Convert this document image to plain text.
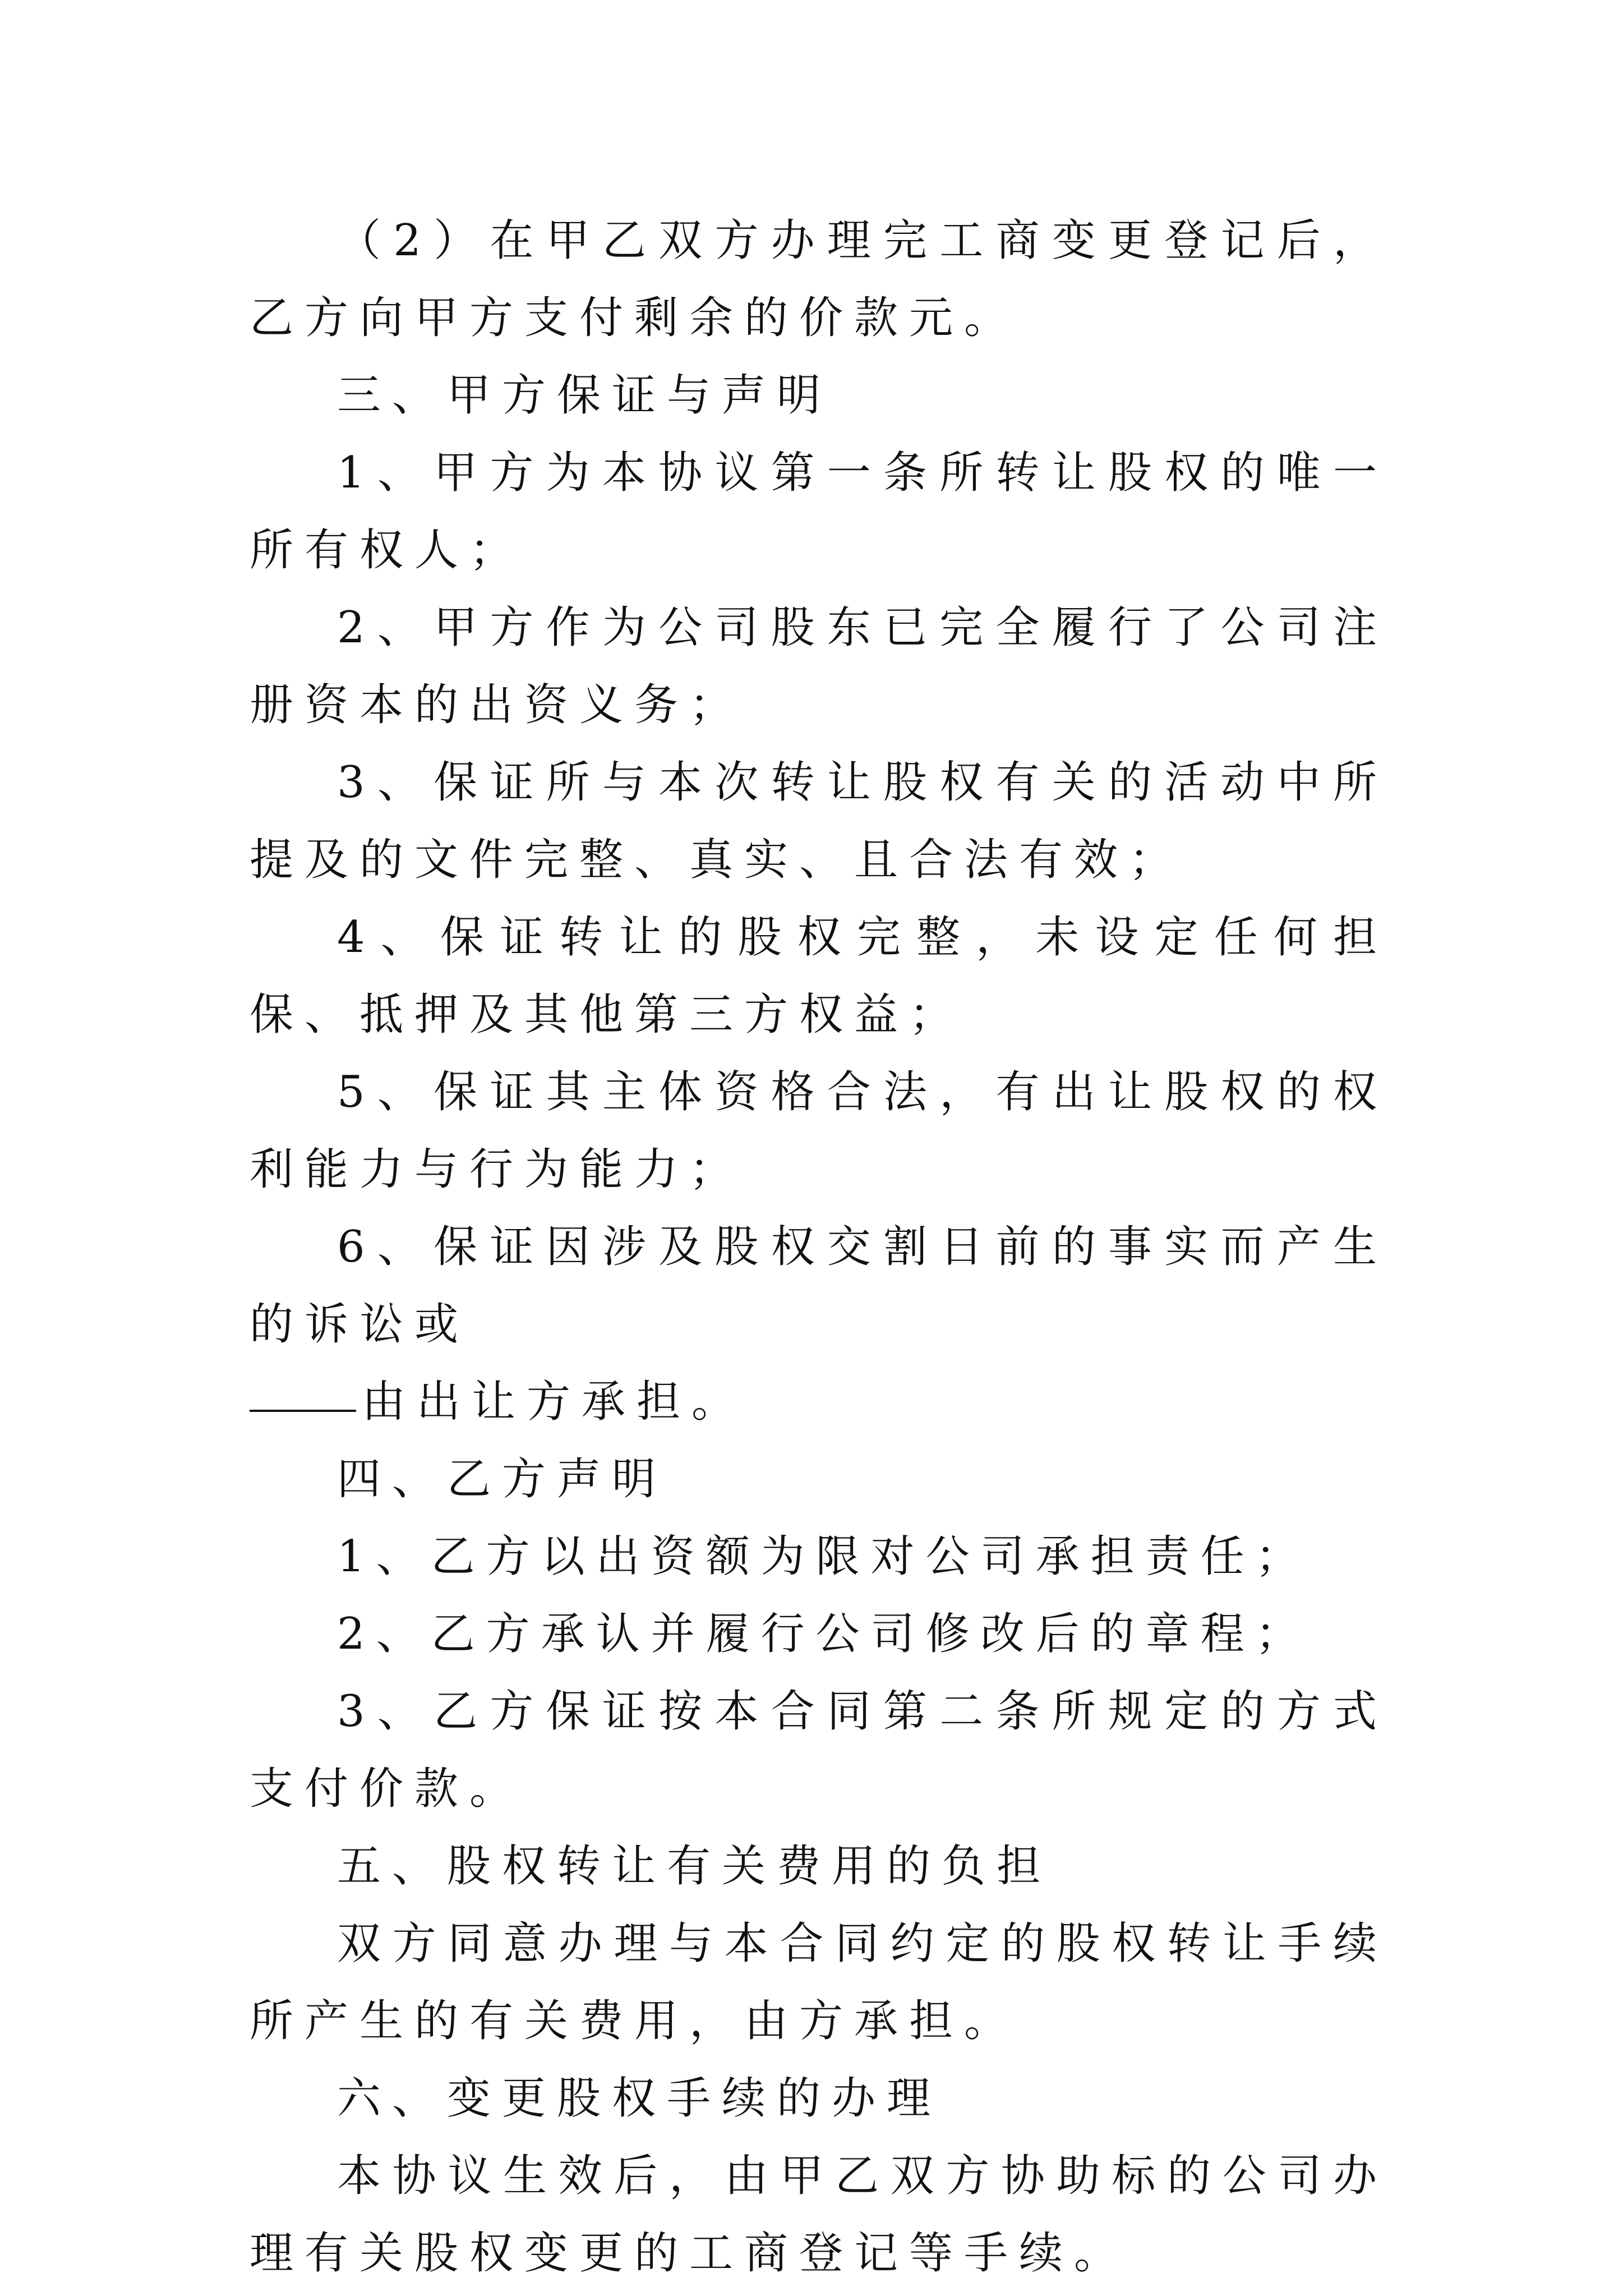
（2）在甲乙双方办理完工商变更登记后，乙方向甲方支付剩余的价款元。

三、甲方保证与声明

1、甲方为本协议第一条所转让股权的唯一所有权人；

2、甲方作为公司股东已完全履行了公司注册资本的出资义务；

3、保证所与本次转让股权有关的活动中所提及的文件完整、真实、且合法有效；

4、保证转让的股权完整，未设定任何担保、抵押及其他第三方权益；

5、保证其主体资格合法，有出让股权的权利能力与行为能力；

6、保证因涉及股权交割日前的事实而产生的诉讼或

由出让方承担。

四、乙方声明

1、乙方以出资额为限对公司承担责任；

2、乙方承认并履行公司修改后的章程；

3、乙方保证按本合同第二条所规定的方式支付价款。

五、股权转让有关费用的负担

双方同意办理与本合同约定的股权转让手续所产生的有关费用，由方承担。

六、变更股权手续的办理

本协议生效后，由甲乙双方协助标的公司办理有关股权变更的工商登记等手续。
